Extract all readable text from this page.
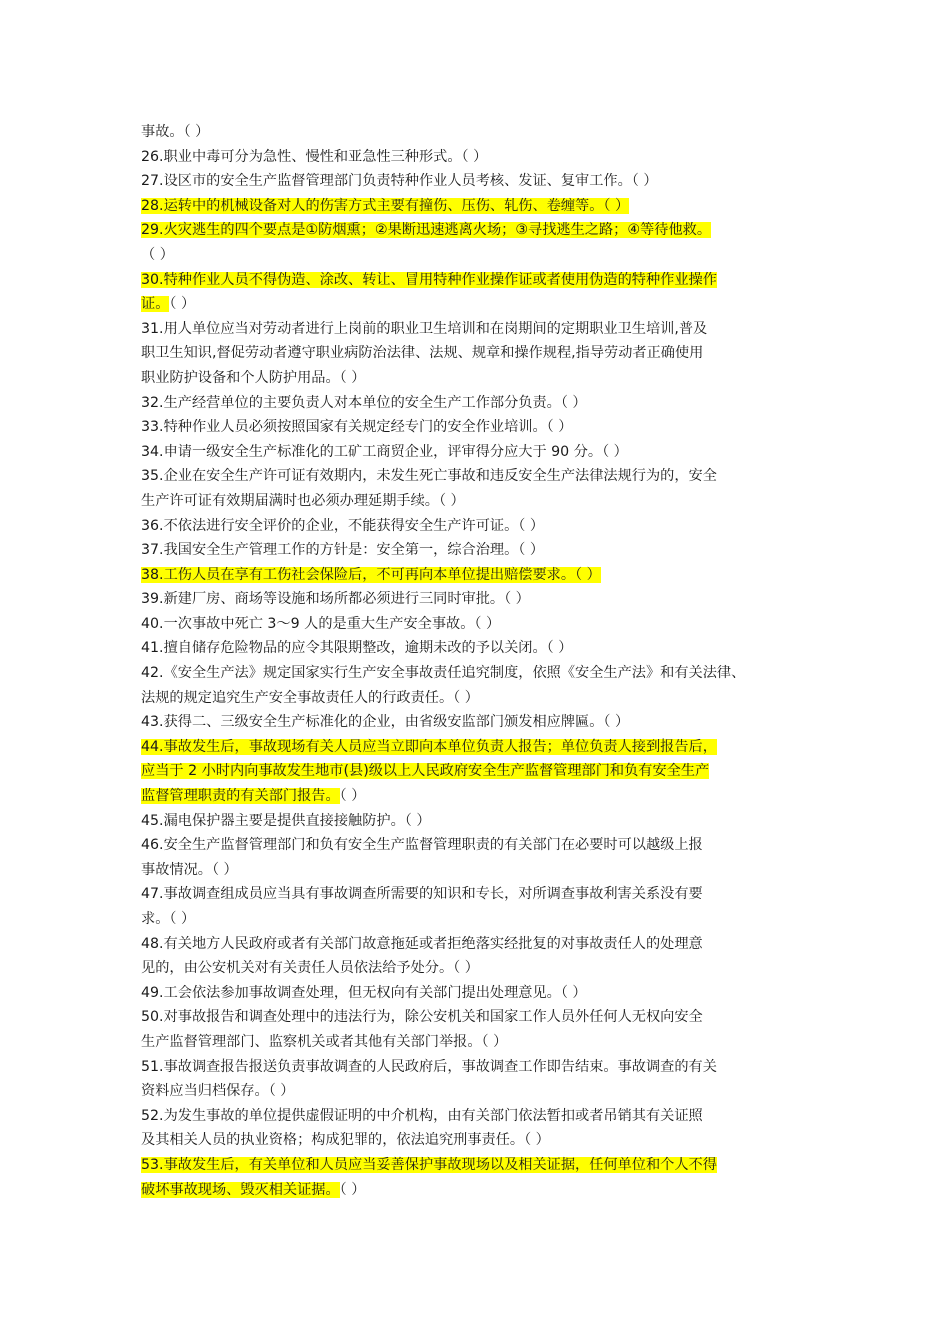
事故。（ ）
26.职业中毒可分为急性、慢性和亚急性三种形式。（ ）
27.设区市的安全生产监督管理部门负责特种作业人员考核、发证、复审工作。（ ）
28.运转中的机械设备对人的伤害方式主要有撞伤、压伤、轧伤、卷缠等。（ ）
29.火灾逃生的四个要点是①防烟熏；②果断迅速逃离火场；③寻找逃生之路；④等待他救。
（ ）
30.特种作业人员不得伪造、涂改、转让、冒用特种作业操作证或者使用伪造的特种作业操作
证。（ ）
31.用人单位应当对劳动者进行上岗前的职业卫生培训和在岗期间的定期职业卫生培训,普及
职卫生知识,督促劳动者遵守职业病防治法律、法规、规章和操作规程,指导劳动者正确使用
职业防护设备和个人防护用品。（ ）
32.生产经营单位的主要负责人对本单位的安全生产工作部分负责。（ ）
33.特种作业人员必须按照国家有关规定经专门的安全作业培训。（ ）
34.申请一级安全生产标准化的工矿工商贸企业，评审得分应大于 90 分。（ ）
35.企业在安全生产许可证有效期内，未发生死亡事故和违反安全生产法律法规行为的，安全
生产许可证有效期届满时也必须办理延期手续。（ ）
36.不依法进行安全评价的企业，不能获得安全生产许可证。（ ）
37.我国安全生产管理工作的方针是：安全第一，综合治理。（ ）
38.工伤人员在享有工伤社会保险后，不可再向本单位提出赔偿要求。（ ）
39.新建厂房、商场等设施和场所都必须进行三同时审批。（ ）
40.一次事故中死亡 3～9 人的是重大生产安全事故。（ ）
41.擅自储存危险物品的应令其限期整改，逾期未改的予以关闭。（ ）
42.《安全生产法》规定国家实行生产安全事故责任追究制度，依照《安全生产法》和有关法律、
法规的规定追究生产安全事故责任人的行政责任。（ ）
43.获得二、三级安全生产标准化的企业，由省级安监部门颁发相应牌匾。（ ）
44.事故发生后，事故现场有关人员应当立即向本单位负责人报告；单位负责人接到报告后，
应当于 2 小时内向事故发生地市(县)级以上人民政府安全生产监督管理部门和负有安全生产
监督管理职责的有关部门报告。（ ）
45.漏电保护器主要是提供直接接触防护。（ ）
46.安全生产监督管理部门和负有安全生产监督管理职责的有关部门在必要时可以越级上报
事故情况。（ ）
47.事故调查组成员应当具有事故调查所需要的知识和专长，对所调查事故利害关系没有要
求。（ ）
48.有关地方人民政府或者有关部门故意拖延或者拒绝落实经批复的对事故责任人的处理意
见的，由公安机关对有关责任人员依法给予处分。（ ）
49.工会依法参加事故调查处理，但无权向有关部门提出处理意见。（ ）
50.对事故报告和调查处理中的违法行为，除公安机关和国家工作人员外任何人无权向安全
生产监督管理部门、监察机关或者其他有关部门举报。（ ）
51.事故调查报告报送负责事故调查的人民政府后，事故调查工作即告结束。事故调查的有关
资料应当归档保存。（ ）
52.为发生事故的单位提供虚假证明的中介机构，由有关部门依法暂扣或者吊销其有关证照
及其相关人员的执业资格；构成犯罪的，依法追究刑事责任。（ ）
53.事故发生后，有关单位和人员应当妥善保护事故现场以及相关证据，任何单位和个人不得
破坏事故现场、毁灭相关证据。（ ）
